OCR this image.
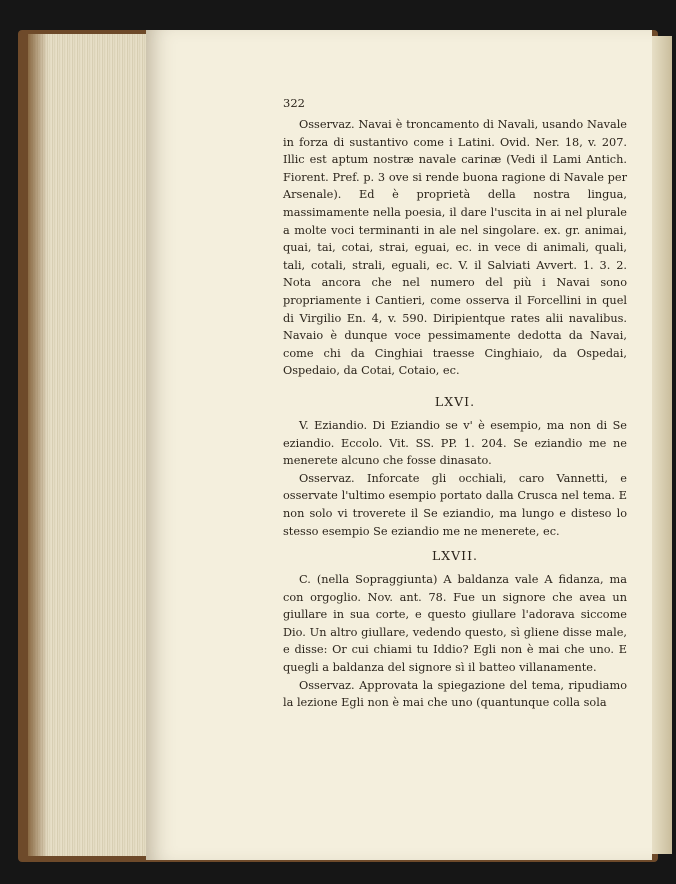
322

Osservaz. Navai è troncamento di Navali, usando Navale in forza di sustantivo come i Latini. Ovid. Ner. 18, v. 207. Illic est aptum nostræ navale carinæ (Vedi il Lami Antich. Fiorent. Pref. p. 3 ove si rende buona ragione di Navale per Arsenale). Ed è proprietà della nostra lingua, massimamente nella poesia, il dare l'uscita in ai nel plurale a molte voci terminanti in ale nel singolare. ex. gr. animai, quai, tai, cotai, strai, eguai, ec. in vece di animali, quali, tali, cotali, strali, eguali, ec. V. il Salviati Avvert. 1. 3. 2. Nota ancora che nel numero del più i Navai sono propriamente i Cantieri, come osserva il Forcellini in quel di Virgilio En. 4, v. 590. Diripientque rates alii navalibus. Navaio è dunque voce pessimamente dedotta da Navai, come chi da Cinghiai traesse Cinghiaio, da Ospedai, Ospedaio, da Cotai, Cotaio, ec.

LXVI.

V. Eziandio. Di Eziandio se v' è esempio, ma non di Se eziandio. Eccolo. Vit. SS. PP. 1. 204. Se eziandio me ne menerete alcuno che fosse dinasato.

Osservaz. Inforcate gli occhiali, caro Vannetti, e osservate l'ultimo esempio portato dalla Crusca nel tema. E non solo vi troverete il Se eziandio, ma lungo e disteso lo stesso esempio Se eziandio me ne menerete, ec.

LXVII.

C. (nella Sopraggiunta) A baldanza vale A fidanza, ma con orgoglio. Nov. ant. 78. Fue un signore che avea un giullare in sua corte, e questo giullare l'adorava siccome Dio. Un altro giullare, vedendo questo, sì gliene disse male, e disse: Or cui chiami tu Iddio? Egli non è mai che uno. E quegli a baldanza del signore sì il batteo villanamente.

Osservaz. Approvata la spiegazione del tema, ripudiamo la lezione Egli non è mai che uno (quantunque colla sola
